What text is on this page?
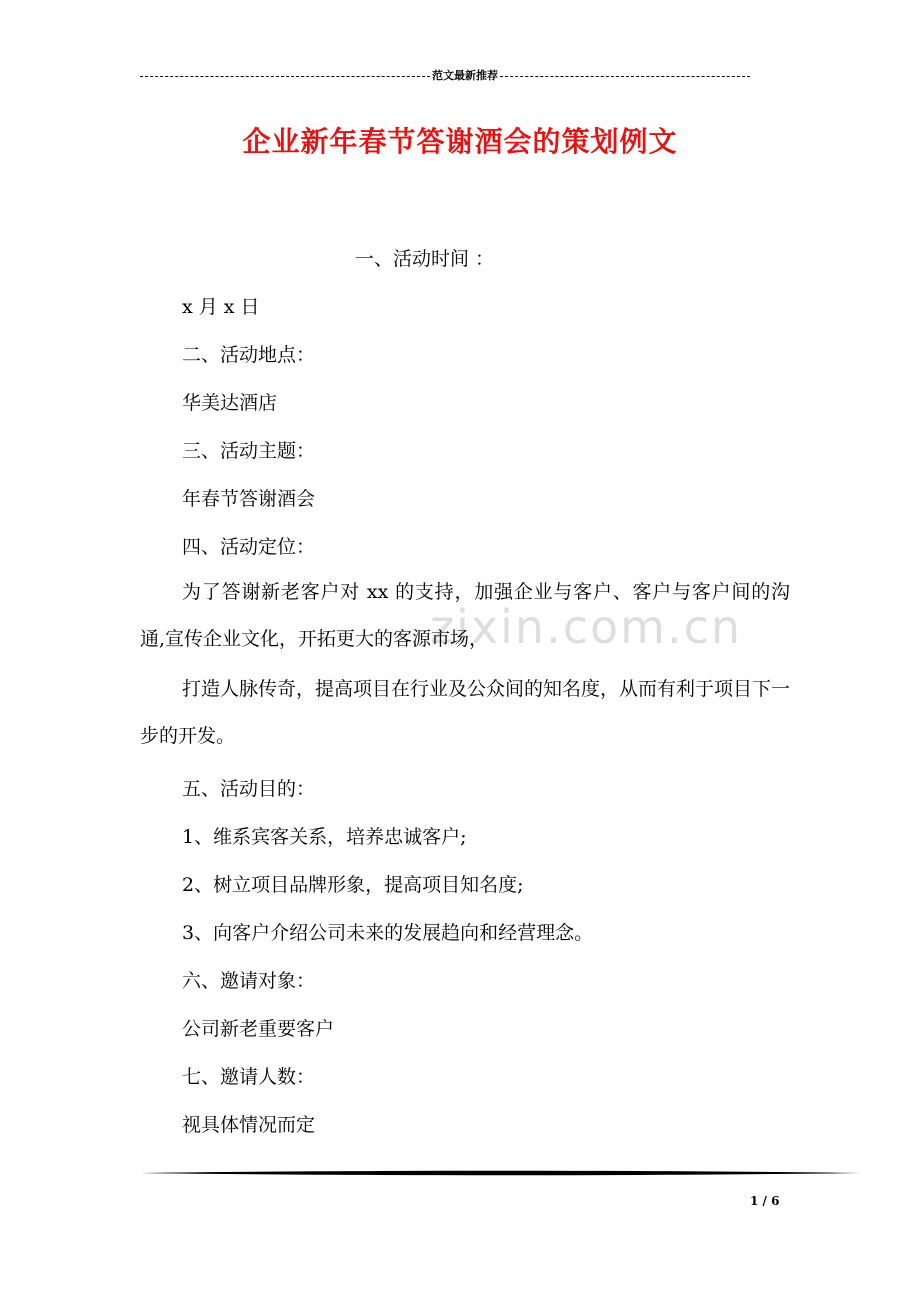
范文最新推荐
企业新年春节答谢酒会的策划例文
zixin.com.cn
一、活动时间 ：
x 月 x 日
二、活动地点：
华美达酒店
三、活动主题：
年春节答谢酒会
四、活动定位：
为了答谢新老客户对 xx 的支持，加强企业与客户、客户与客户间的沟通,宣传企业文化，开拓更大的客源市场，
打造人脉传奇，提高项目在行业及公众间的知名度，从而有利于项目下一步的开发。
五、活动目的：
1、维系宾客关系，培养忠诚客户;
2、树立项目品牌形象，提高项目知名度;
3、向客户介绍公司未来的发展趋向和经营理念。
六、邀请对象：
公司新老重要客户
七、邀请人数：
视具体情况而定
1 / 6
